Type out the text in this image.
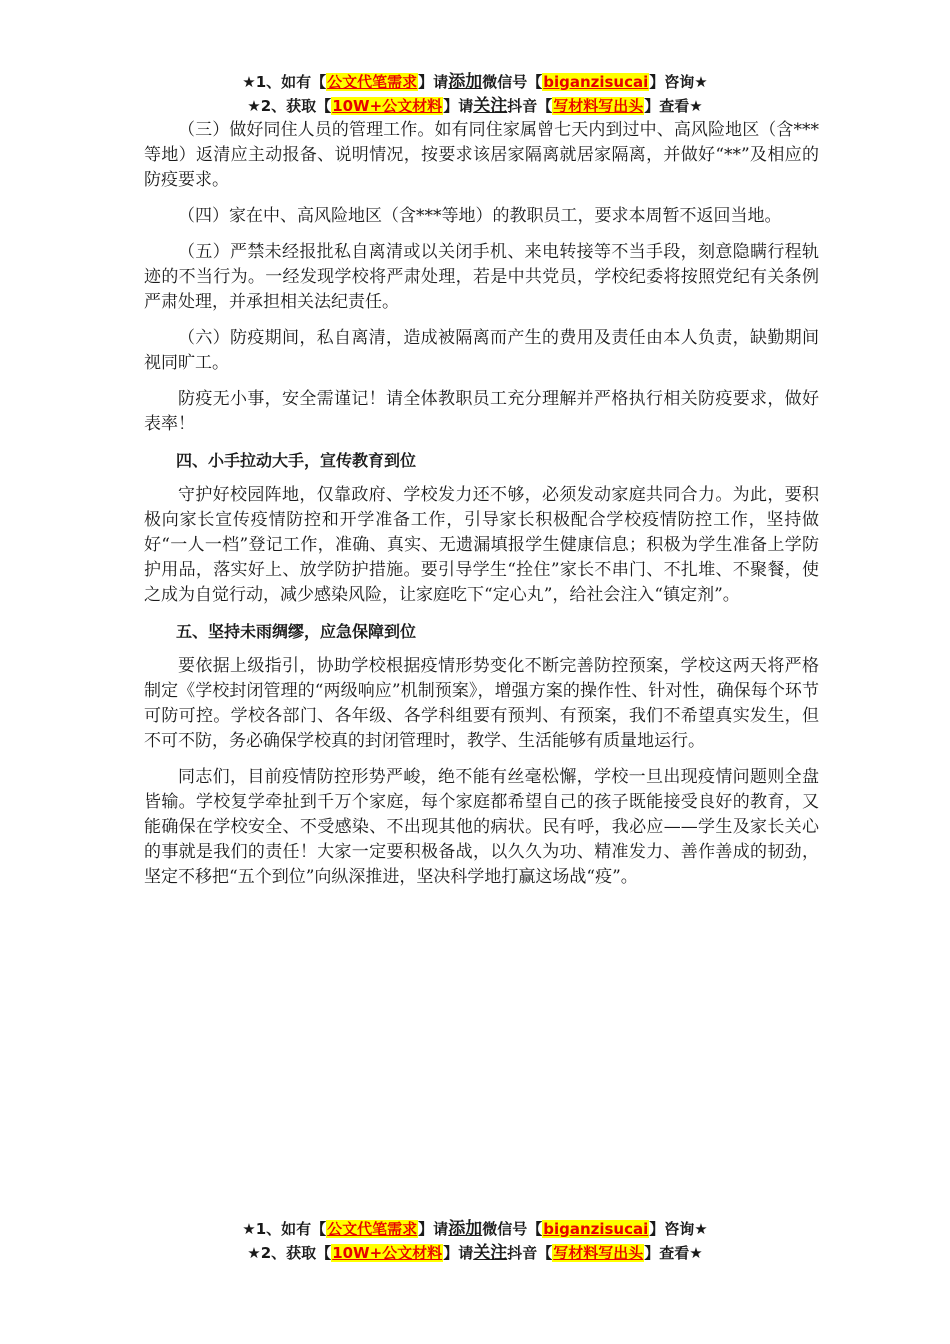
★1、如有【公文代笔需求】请添加微信号【biganzisucai】咨询★
★2、获取【10W+公文材料】请关注抖音【写材料写出头】查看★

（三）做好同住人员的管理工作。如有同住家属曾七天内到过中、高风险地区（含***等地）返清应主动报备、说明情况，按要求该居家隔离就居家隔离，并做好“**”及相应的防疫要求。

（四）家在中、高风险地区（含***等地）的教职员工，要求本周暂不返回当地。

（五）严禁未经报批私自离清或以关闭手机、来电转接等不当手段，刻意隐瞒行程轨迹的不当行为。一经发现学校将严肃处理，若是中共党员，学校纪委将按照党纪有关条例严肃处理，并承担相关法纪责任。

（六）防疫期间，私自离清，造成被隔离而产生的费用及责任由本人负责，缺勤期间视同旷工。

防疫无小事，安全需谨记！请全体教职员工充分理解并严格执行相关防疫要求，做好表率！

四、小手拉动大手，宣传教育到位

守护好校园阵地，仅靠政府、学校发力还不够，必须发动家庭共同合力。为此，要积极向家长宣传疫情防控和开学准备工作，引导家长积极配合学校疫情防控工作，坚持做好“一人一档”登记工作，准确、真实、无遗漏填报学生健康信息；积极为学生准备上学防护用品，落实好上、放学防护措施。要引导学生“拴住”家长不串门、不扎堆、不聚餐，使之成为自觉行动，减少感染风险，让家庭吃下“定心丸”，给社会注入“镇定剂”。

五、坚持未雨绸缪，应急保障到位

要依据上级指引，协助学校根据疫情形势变化不断完善防控预案，学校这两天将严格制定《学校封闭管理的“两级响应”机制预案》，增强方案的操作性、针对性，确保每个环节可防可控。学校各部门、各年级、各学科组要有预判、有预案，我们不希望真实发生，但不可不防，务必确保学校真的封闭管理时，教学、生活能够有质量地运行。

同志们，目前疫情防控形势严峻，绝不能有丝毫松懈，学校一旦出现疫情问题则全盘皆输。学校复学牵扯到千万个家庭，每个家庭都希望自己的孩子既能接受良好的教育，又能确保在学校安全、不受感染、不出现其他的病状。民有呼，我必应——学生及家长关心的事就是我们的责任！大家一定要积极备战，以久久为功、精准发力、善作善成的韧劲，坚定不移把“五个到位”向纵深推进，坚决科学地打赢这场战“疫”。

★1、如有【公文代笔需求】请添加微信号【biganzisucai】咨询★
★2、获取【10W+公文材料】请关注抖音【写材料写出头】查看★
